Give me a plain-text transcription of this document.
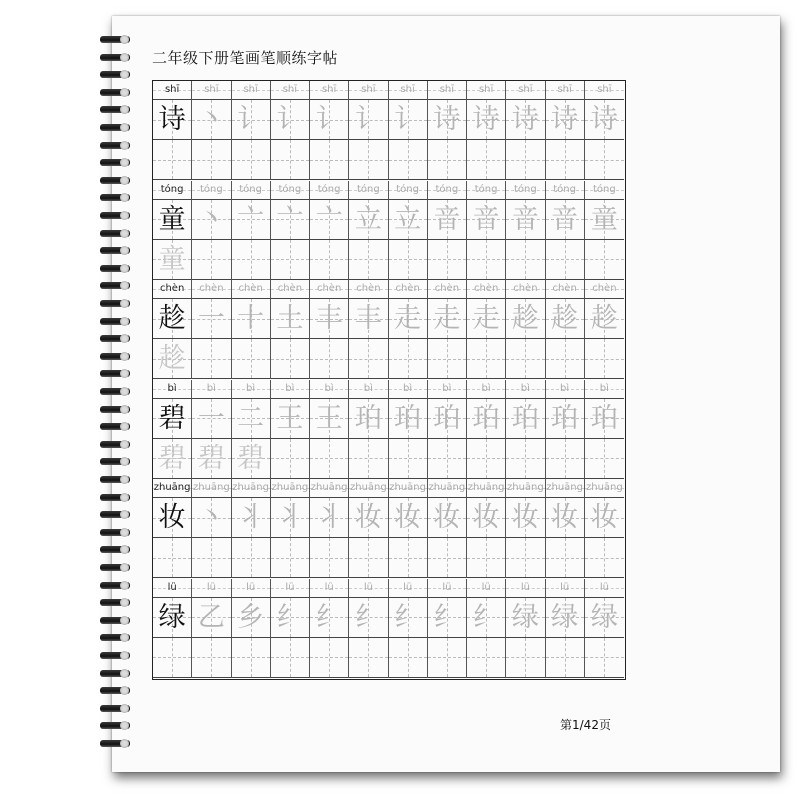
二年级下册笔画笔顺练字帖
shī
诗
shī
丶
shī
讠
shī
讠
shī
讠
shī
讠
shī
讠
shī
诗
shī
诗
shī
诗
shī
诗
shī
诗
tóng
童
童
tóng
丶
tóng
亠
tóng
亠
tóng
亠
tóng
立
tóng
立
tóng
音
tóng
音
tóng
音
tóng
音
tóng
童
chèn
趁
趁
chèn
一
chèn
十
chèn
土
chèn
丰
chèn
丰
chèn
走
chèn
走
chèn
走
chèn
趁
chèn
趁
chèn
趁
bì
碧
碧
bì
一
碧
bì
二
碧
bì
王
bì
王
bì
珀
bì
珀
bì
珀
bì
珀
bì
珀
bì
珀
bì
珀
zhuāng
妆
zhuāng
丶
zhuāng
丬
zhuāng
丬
zhuāng
丬
zhuāng
妆
zhuāng
妆
zhuāng
妆
zhuāng
妆
zhuāng
妆
zhuāng
妆
zhuāng
妆
lǜ
绿
lǜ
乙
lǜ
乡
lǜ
纟
lǜ
纟
lǜ
纟
lǜ
纟
lǜ
纟
lǜ
纟
lǜ
绿
lǜ
绿
lǜ
绿
第1/42页
